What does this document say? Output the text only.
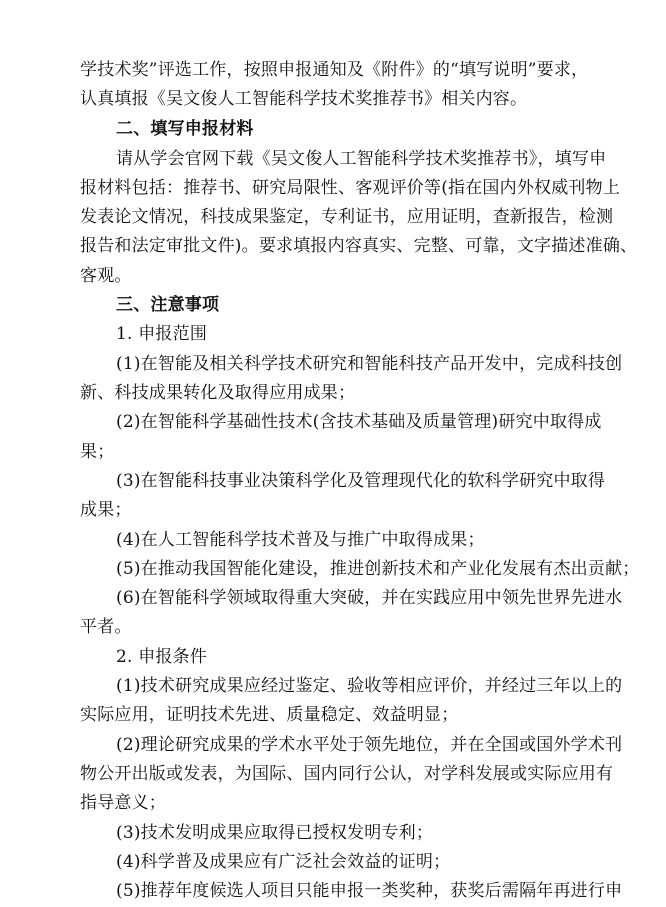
学技术奖”评选工作，按照申报通知及《附件》的“填写说明”要求，
认真填报《吴文俊人工智能科学技术奖推荐书》相关内容。
二、填写申报材料
请从学会官网下载《吴文俊人工智能科学技术奖推荐书》，填写申
报材料包括：推荐书、研究局限性、客观评价等(指在国内外权威刊物上
发表论文情况，科技成果鉴定，专利证书，应用证明，查新报告，检测
报告和法定审批文件)。要求填报内容真实、完整、可靠，文字描述准确、
客观。
三、注意事项
1. 申报范围
(1)在智能及相关科学技术研究和智能科技产品开发中，完成科技创
新、科技成果转化及取得应用成果；
(2)在智能科学基础性技术(含技术基础及质量管理)研究中取得成
果；
(3)在智能科技事业决策科学化及管理现代化的软科学研究中取得
成果；
(4)在人工智能科学技术普及与推广中取得成果；
(5)在推动我国智能化建设，推进创新技术和产业化发展有杰出贡献；
(6)在智能科学领域取得重大突破，并在实践应用中领先世界先进水
平者。
2. 申报条件
(1)技术研究成果应经过鉴定、验收等相应评价，并经过三年以上的
实际应用，证明技术先进、质量稳定、效益明显；
(2)理论研究成果的学术水平处于领先地位，并在全国或国外学术刊
物公开出版或发表，为国际、国内同行公认，对学科发展或实际应用有
指导意义；
(3)技术发明成果应取得已授权发明专利；
(4)科学普及成果应有广泛社会效益的证明；
(5)推荐年度候选人项目只能申报一类奖种，获奖后需隔年再进行申
